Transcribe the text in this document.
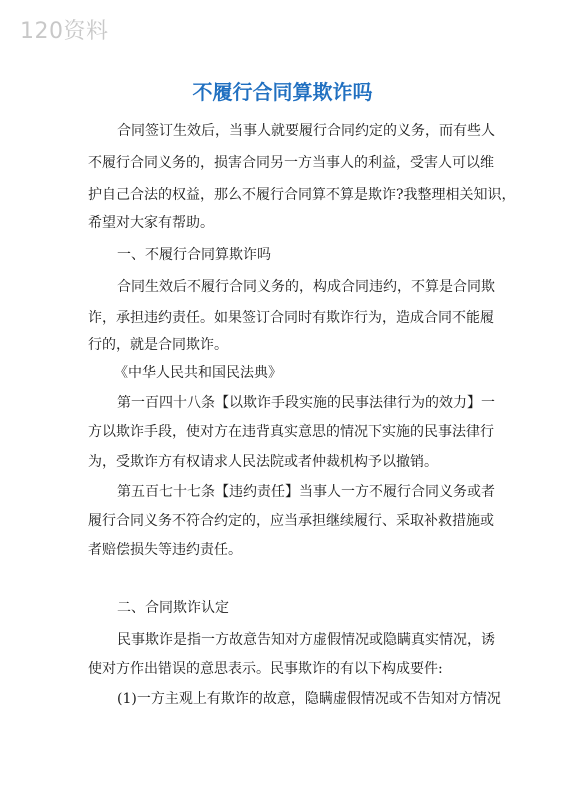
120资料
不履行合同算欺诈吗
合同签订生效后，当事人就要履行合同约定的义务，而有些人
不履行合同义务的，损害合同另一方当事人的利益，受害人可以维
护自己合法的权益，那么不履行合同算不算是欺诈?我整理相关知识，
希望对大家有帮助。
一、不履行合同算欺诈吗
合同生效后不履行合同义务的，构成合同违约，不算是合同欺
诈，承担违约责任。如果签订合同时有欺诈行为，造成合同不能履
行的，就是合同欺诈。
《中华人民共和国民法典》
第一百四十八条【以欺诈手段实施的民事法律行为的效力】一
方以欺诈手段，使对方在违背真实意思的情况下实施的民事法律行
为，受欺诈方有权请求人民法院或者仲裁机构予以撤销。
第五百七十七条【违约责任】当事人一方不履行合同义务或者
履行合同义务不符合约定的，应当承担继续履行、采取补救措施或
者赔偿损失等违约责任。
二、合同欺诈认定
民事欺诈是指一方故意告知对方虚假情况或隐瞒真实情况，诱
使对方作出错误的意思表示。民事欺诈的有以下构成要件:
(1)一方主观上有欺诈的故意，隐瞒虚假情况或不告知对方情况
